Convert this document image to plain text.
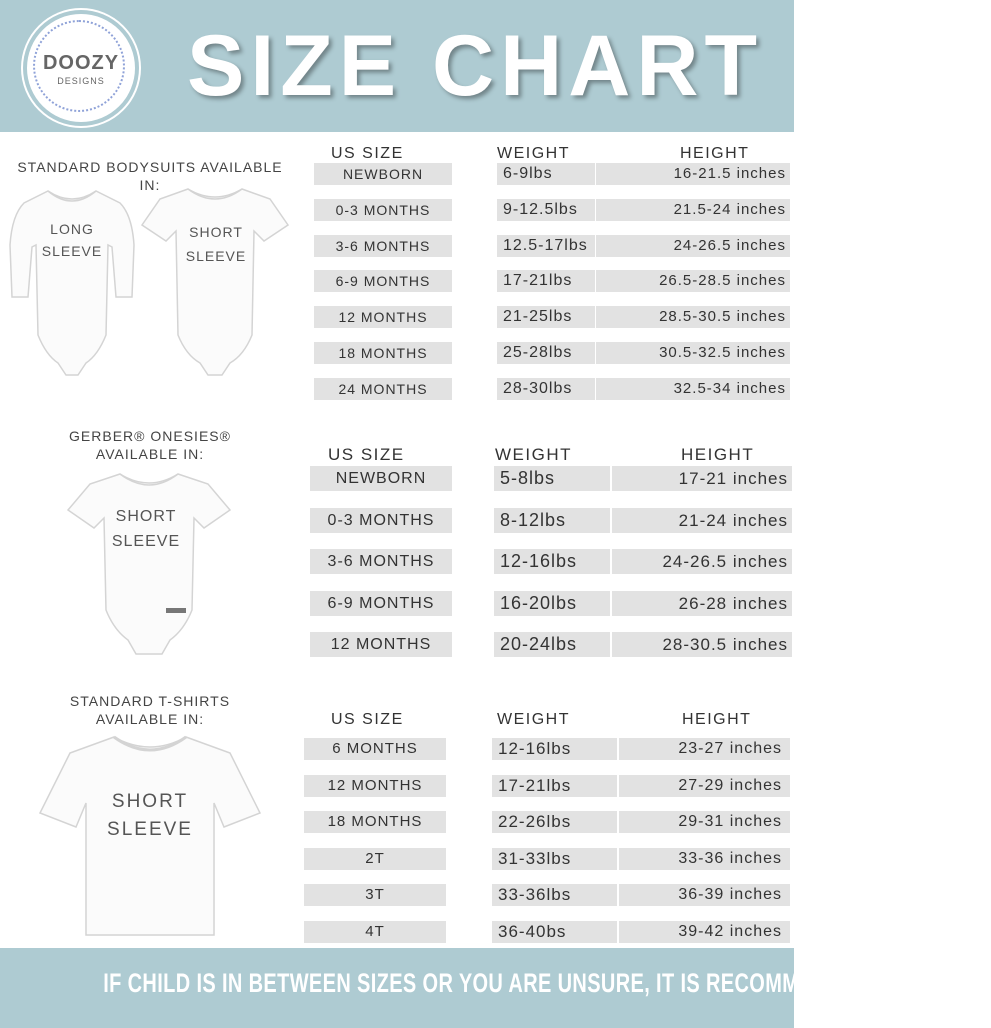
DOOZY
DESIGNS SIZE CHART
STANDARD BODYSUITS AVAILABLE IN:
LONG
SLEEVE
SHORT
SLEEVE
US SIZE	WEIGHT	HEIGHT
NEWBORN	6-9lbs	16-21.5 inches
0-3 MONTHS	9-12.5lbs	21.5-24 inches
3-6 MONTHS	12.5-17lbs	24-26.5 inches
6-9 MONTHS	17-21lbs	26.5-28.5 inches
12 MONTHS	21-25lbs	28.5-30.5 inches
18 MONTHS	25-28lbs	30.5-32.5 inches
24 MONTHS	28-30lbs	32.5-34 inches
GERBER® ONESIES®
AVAILABLE IN:
SHORT
SLEEVE
US SIZE	WEIGHT	HEIGHT
NEWBORN	5-8lbs	17-21 inches
0-3 MONTHS	8-12lbs	21-24 inches
3-6 MONTHS	12-16lbs	24-26.5 inches
6-9 MONTHS	16-20lbs	26-28 inches
12 MONTHS	20-24lbs	28-30.5 inches
STANDARD T-SHIRTS
AVAILABLE IN:
SHORT
SLEEVE
US SIZE	WEIGHT	HEIGHT
6 MONTHS	12-16lbs	23-27 inches
12 MONTHS	17-21lbs	27-29 inches
18 MONTHS	22-26lbs	29-31 inches
2T	31-33lbs	33-36 inches
3T	33-36lbs	36-39 inches
4T	36-40bs	39-42 inches
IF CHILD IS IN BETWEEN SIZES OR YOU ARE UNSURE, IT IS RECOMMENDED TO SIZE UP
